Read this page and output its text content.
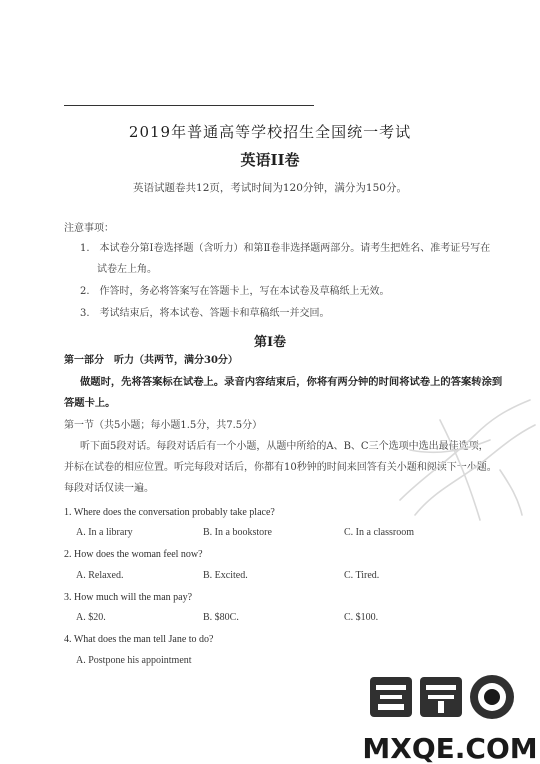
2019年普通高等学校招生全国统一考试
英语II卷
英语试题卷共12页，考试时间为120分钟，满分为150分。
注意事项：
1.　本试卷分第Ⅰ卷选择题（含听力）和第Ⅱ卷非选择题两部分。请考生把姓名、准考证号写在
试卷左上角。
2.　作答时，务必将答案写在答题卡上，写在本试卷及草稿纸上无效。
3.　考试结束后，将本试卷、答题卡和草稿纸一并交回。
第Ⅰ卷
第一部分　听力（共两节，满分30分）
做题时，先将答案标在试卷上。录音内容结束后，你将有两分钟的时间将试卷上的答案转涂到
答题卡上。
第一节（共5小题；每小题1.5分，共7.5分）
听下面5段对话。每段对话后有一个小题，从题中所给的A、B、C三个选项中选出最佳选项，
并标在试卷的相应位置。听完每段对话后，你都有10秒钟的时间来回答有关小题和阅读下一小题。
每段对话仅读一遍。
1. Where does the conversation probably take place?
A. In a library	B. In a bookstore	C. In a classroom
2. How does the woman feel now?
A. Relaxed.	B. Excited.	C. Tired.
3. How much will the man pay?
A. $20.	B. $80C.	C. $100.
4. What does the man tell Jane to do?
A. Postpone his appointment
MXQE.COM
